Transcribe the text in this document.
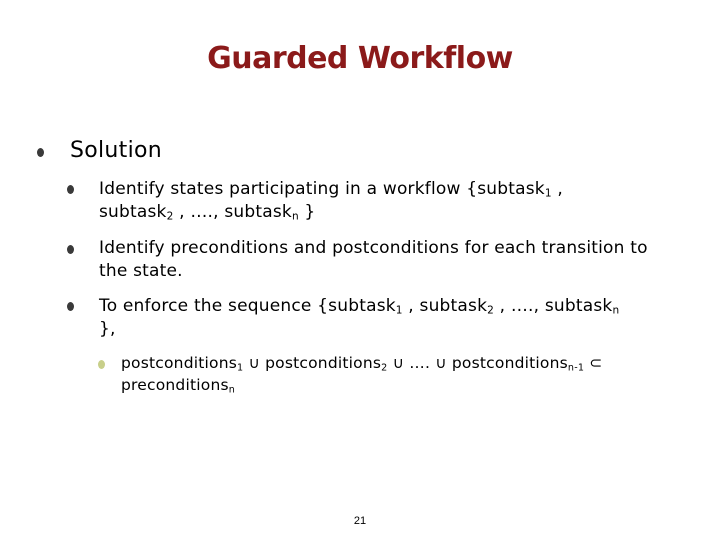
Guarded Workflow
Solution
Identify states participating in a workflow {subtask$_1$ ,
subtask$_2$ , …., subtask$_n$ }
Identify preconditions and postconditions for each transition to the state.
To enforce the sequence {subtask$_1$ , subtask$_2$ , …., subtask$_n$
},
postconditions$_1$ ∪ postconditions$_2$ ∪ …. ∪ postconditions$_{n-1}$ ⊂
preconditions$_n$
21
